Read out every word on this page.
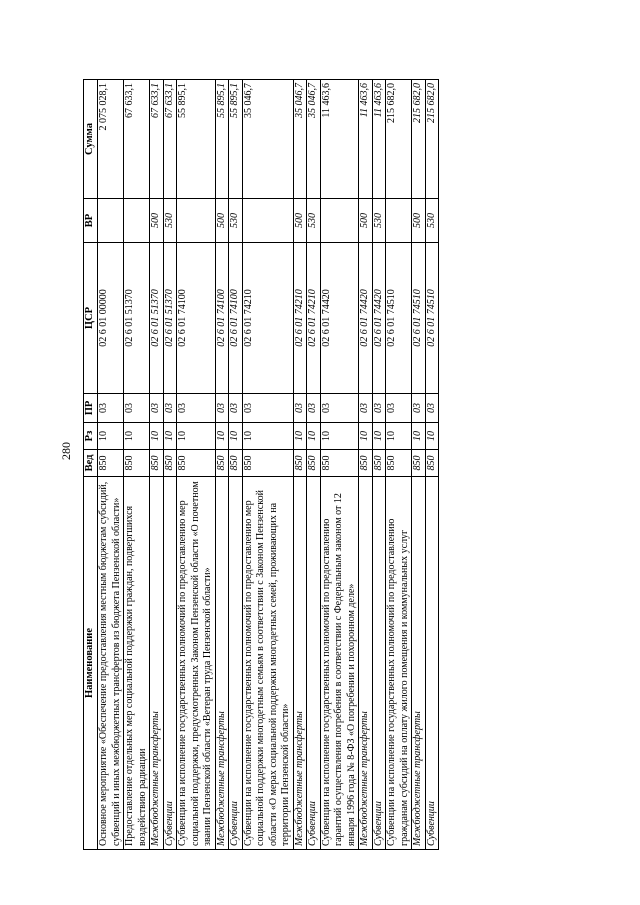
280
Наименование	Вед	Рз	ПР	ЦСР	ВР	Сумма
Основное мероприятие «Обеспечение предоставления местным бюджетам субсидий, субвенций и иных межбюджетных трансфертов из бюджета Пензенской области»	850	10	03	02 6 01 00000		2 075 028,1
Предоставление отдельных мер социальной поддержки граждан, подвергшихся воздействию радиации	850	10	03	02 6 01 51370		67 633,1
Межбюджетные трансферты	850	10	03	02 6 01 51370	500	67 633,1
Субвенции	850	10	03	02 6 01 51370	530	67 633,1
Субвенции на исполнение государственных полномочий по предоставлению мер социальной поддержки, предусмотренных Законом Пензенской области «О почетном звании Пензенской области «Ветеран труда Пензенской области»	850	10	03	02 6 01 74100		55 895,1
Межбюджетные трансферты	850	10	03	02 6 01 74100	500	55 895,1
Субвенции	850	10	03	02 6 01 74100	530	55 895,1
Субвенции на исполнение государственных полномочий по предоставлению мер социальной поддержки многодетным семьям в соответствии с Законом Пензенской области «О мерах социальной поддержки многодетных семей, проживающих на территории Пензенской области»	850	10	03	02 6 01 74210		35 046,7
Межбюджетные трансферты	850	10	03	02 6 01 74210	500	35 046,7
Субвенции	850	10	03	02 6 01 74210	530	35 046,7
Субвенции на исполнение государственных полномочий по предоставлению гарантий осуществления погребения в соответствии с Федеральным законом от 12 января 1996 года № 8-ФЗ «О погребении и похоронном деле»	850	10	03	02 6 01 74420		11 463,6
Межбюджетные трансферты	850	10	03	02 6 01 74420	500	11 463,6
Субвенции	850	10	03	02 6 01 74420	530	11 463,6
Субвенции на исполнение государственных полномочий по предоставлению гражданам субсидий на оплату жилого помещения и коммунальных услуг	850	10	03	02 6 01 74510		215 682,0
Межбюджетные трансферты	850	10	03	02 6 01 74510	500	215 682,0
Субвенции	850	10	03	02 6 01 74510	530	215 682,0
